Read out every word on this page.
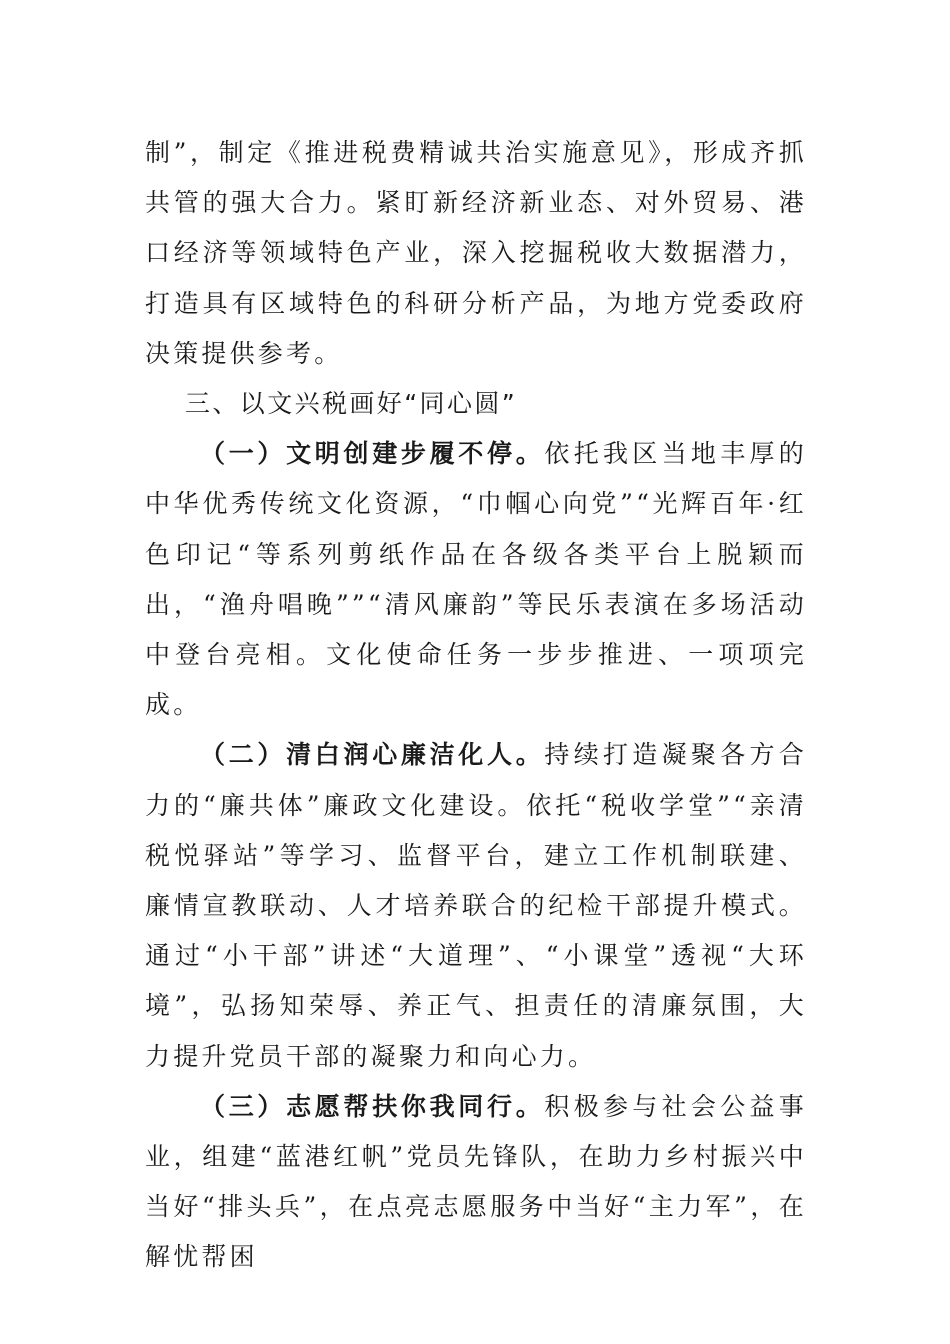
制”，制定《推进税费精诚共治实施意见》，形成齐抓共管的强大合力。紧盯新经济新业态、对外贸易、港口经济等领域特色产业，深入挖掘税收大数据潜力，打造具有区域特色的科研分析产品，为地方党委政府决策提供参考。

三、以文兴税画好“同心圆”

（一）文明创建步履不停。依托我区当地丰厚的中华优秀传统文化资源，“巾帼心向党”“光辉百年·红色印记“等系列剪纸作品在各级各类平台上脱颖而出，“渔舟唱晚””“清风廉韵”等民乐表演在多场活动中登台亮相。文化使命任务一步步推进、一项项完成。

（二）清白润心廉洁化人。持续打造凝聚各方合力的“廉共体”廉政文化建设。依托“税收学堂”“亲清税悦驿站”等学习、监督平台，建立工作机制联建、廉情宣教联动、人才培养联合的纪检干部提升模式。通过“小干部”讲述“大道理”、“小课堂”透视“大环境”，弘扬知荣辱、养正气、担责任的清廉氛围，大力提升党员干部的凝聚力和向心力。

（三）志愿帮扶你我同行。积极参与社会公益事业，组建“蓝港红帆”党员先锋队，在助力乡村振兴中当好“排头兵”，在点亮志愿服务中当好“主力军”，在解忧帮困
